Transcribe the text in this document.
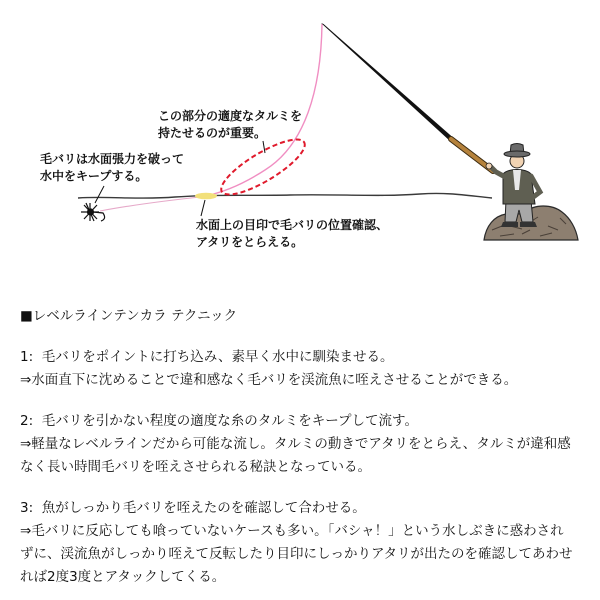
この部分の適度なタルミを
持たせるのが重要。
毛バリは水面張力を破って
水中をキープする。
水面上の目印で毛バリの位置確認、
アタリをとらえる。
■レベルラインテンカラ テクニック
1:  毛バリをポイントに打ち込み、素早く水中に馴染ませる。
⇒水面直下に沈めることで違和感なく毛バリを渓流魚に咥えさせることができる。
2:  毛バリを引かない程度の適度な糸のタルミをキープして流す。
⇒軽量なレベルラインだから可能な流し。タルミの動きでアタリをとらえ、タルミが違和感
なく長い時間毛バリを咥えさせられる秘訣となっている。
3:  魚がしっかり毛バリを咥えたのを確認して合わせる。
⇒毛バリに反応しても喰っていないケースも多い。「バシャ！」という水しぶきに惑わされ
ずに、渓流魚がしっかり咥えて反転したり目印にしっかりアタリが出たのを確認してあわせ
れば2度3度とアタックしてくる。
